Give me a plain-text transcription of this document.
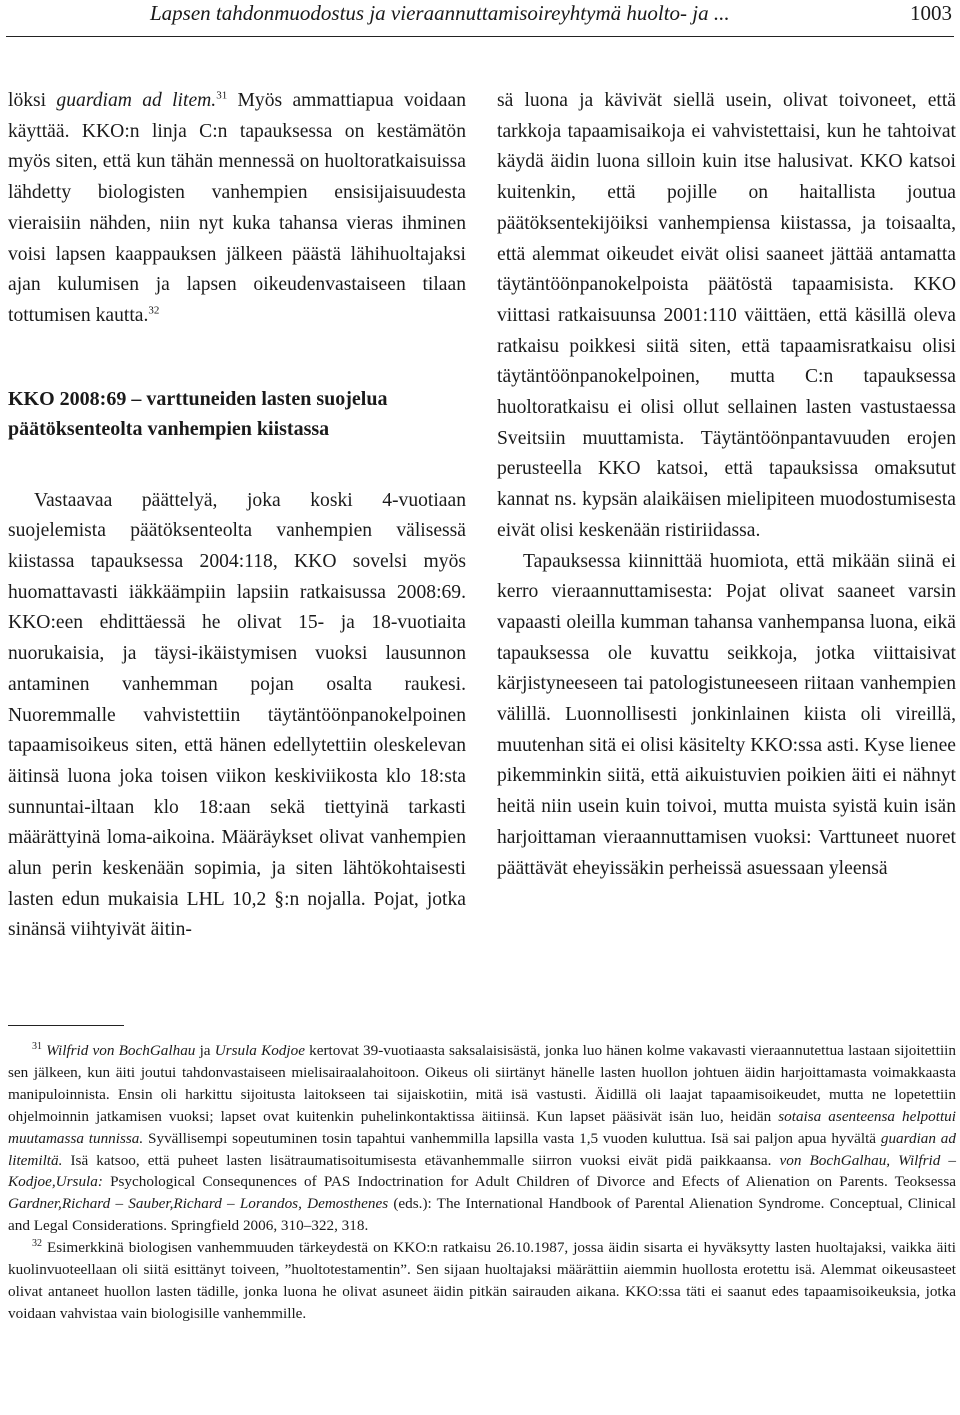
Lapsen tahdonmuodostus ja vieraannuttamisoireyhtymä huolto- ja ...	1003

löksi guardiam ad litem.$^{31}$ Myös ammattiapua voidaan käyttää. KKO:n linja C:n tapauksessa on kestämätön myös siten, että kun tähän mennessä on huoltoratkaisuissa lähdetty biologisten vanhempien ensisijaisuudesta vieraisiin nähden, niin nyt kuka tahansa vieras ihminen voisi lapsen kaappauksen jälkeen päästä lähihuoltajaksi ajan kulumisen ja lapsen oikeudenvastaiseen tilaan tottumisen kautta.$^{32}$

KKO 2008:69 – varttuneiden lasten suojelua päätöksenteolta vanhempien kiistassa

Vastaavaa päättelyä, joka koski 4-vuotiaan suojelemista päätöksenteolta vanhempien välisessä kiistassa tapauksessa 2004:118, KKO sovelsi myös huomattavasti iäkkäämpiin lapsiin ratkaisussa 2008:69. KKO:een ehdittäessä he olivat 15- ja 18-vuotiaita nuorukaisia, ja täysi-ikäistymisen vuoksi lausunnon antaminen vanhemman pojan osalta raukesi. Nuoremmalle vahvistettiin täytäntöönpanokelpoinen tapaamisoikeus siten, että hänen edellytettiin oleskelevan äitinsä luona joka toisen viikon keskiviikosta klo 18:sta sunnuntai-iltaan klo 18:aan sekä tiettyinä tarkasti määrättyinä loma-aikoina. Määräykset olivat vanhempien alun perin keskenään sopimia, ja siten lähtökohtaisesti lasten edun mukaisia LHL 10,2 §:n nojalla. Pojat, jotka sinänsä viihtyivät äitin-

sä luona ja kävivät siellä usein, olivat toivoneet, että tarkkoja tapaamisaikoja ei vahvistettaisi, kun he tahtoivat käydä äidin luona silloin kuin itse halusivat. KKO katsoi kuitenkin, että pojille on haitallista joutua päätöksentekijöiksi vanhempiensa kiistassa, ja toisaalta, että alemmat oikeudet eivät olisi saaneet jättää antamatta täytäntöönpanokelpoista päätöstä tapaamisista. KKO viittasi ratkaisuunsa 2001:110 väittäen, että käsillä oleva ratkaisu poikkesi siitä siten, että tapaamisratkaisu olisi täytäntöönpanokelpoinen, mutta C:n tapauksessa huoltoratkaisu ei olisi ollut sellainen lasten vastustaessa Sveitsiin muuttamista. Täytäntöönpantavuuden erojen perusteella KKO katsoi, että tapauksissa omaksutut kannat ns. kypsän alaikäisen mielipiteen muodostumisesta eivät olisi keskenään ristiriidassa.

Tapauksessa kiinnittää huomiota, että mikään siinä ei kerro vieraannuttamisesta: Pojat olivat saaneet varsin vapaasti oleilla kumman tahansa vanhempansa luona, eikä tapauksessa ole kuvattu seikkoja, jotka viittaisivat kärjistyneeseen tai patologistuneeseen riitaan vanhempien välillä. Luonnollisesti jonkinlainen kiista oli vireillä, muutenhan sitä ei olisi käsitelty KKO:ssa asti. Kyse lienee pikemminkin siitä, että aikuistuvien poikien äiti ei nähnyt heitä niin usein kuin toivoi, mutta muista syistä kuin isän harjoittaman vieraannuttamisen vuoksi: Varttuneet nuoret päättävät eheyissäkin perheissä asuessaan yleensä

$^{31}$ Wilfrid von BochGalhau ja Ursula Kodjoe kertovat 39-vuotiaasta saksalaisisästä, jonka luo hänen kolme vakavasti vieraannutettua lastaan sijoitettiin sen jälkeen, kun äiti joutui tahdonvastaiseen mielisairaalahoitoon. Oikeus oli siirtänyt hänelle lasten huollon johtuen äidin harjoittamasta voimakkaasta manipuloinnista. Ensin oli harkittu sijoitusta laitokseen tai sijaiskotiin, mitä isä vastusti. Äidillä oli laajat tapaamisoikeudet, mutta ne lopetettiin ohjelmoinnin jatkamisen vuoksi; lapset ovat kuitenkin puhelinkontaktissa äitiinsä. Kun lapset pääsivät isän luo, heidän sotaisa asenteensa helpottui muutamassa tunnissa. Syvällisempi sopeutuminen tosin tapahtui vanhemmilla lapsilla vasta 1,5 vuoden kuluttua. Isä sai paljon apua hyvältä guardian ad litemiltä. Isä katsoo, että puheet lasten lisätraumatisoitumisesta etävanhemmalle siirron vuoksi eivät pidä paikkaansa. von BochGalhau, Wilfrid – Kodjoe,Ursula: Psychological Consequnences of PAS Indoctrination for Adult Children of Divorce and Efects of Alienation on Parents. Teoksessa Gardner,Richard – Sauber,Richard – Lorandos, Demosthenes (eds.): The International Handbook of Parental Alienation Syndrome. Conceptual, Clinical and Legal Considerations. Springfield 2006, 310–322, 318.

$^{32}$ Esimerkkinä biologisen vanhemmuuden tärkeydestä on KKO:n ratkaisu 26.10.1987, jossa äidin sisarta ei hyväksytty lasten huoltajaksi, vaikka äiti kuolinvuoteellaan oli siitä esittänyt toiveen, ”huoltotestamentin”. Sen sijaan huoltajaksi määrättiin aiemmin huollosta erotettu isä. Alemmat oikeusasteet olivat antaneet huollon lasten tädille, jonka luona he olivat asuneet äidin pitkän sairauden aikana. KKO:ssa täti ei saanut edes tapaamisoikeuksia, jotka voidaan vahvistaa vain biologisille vanhemmille.
